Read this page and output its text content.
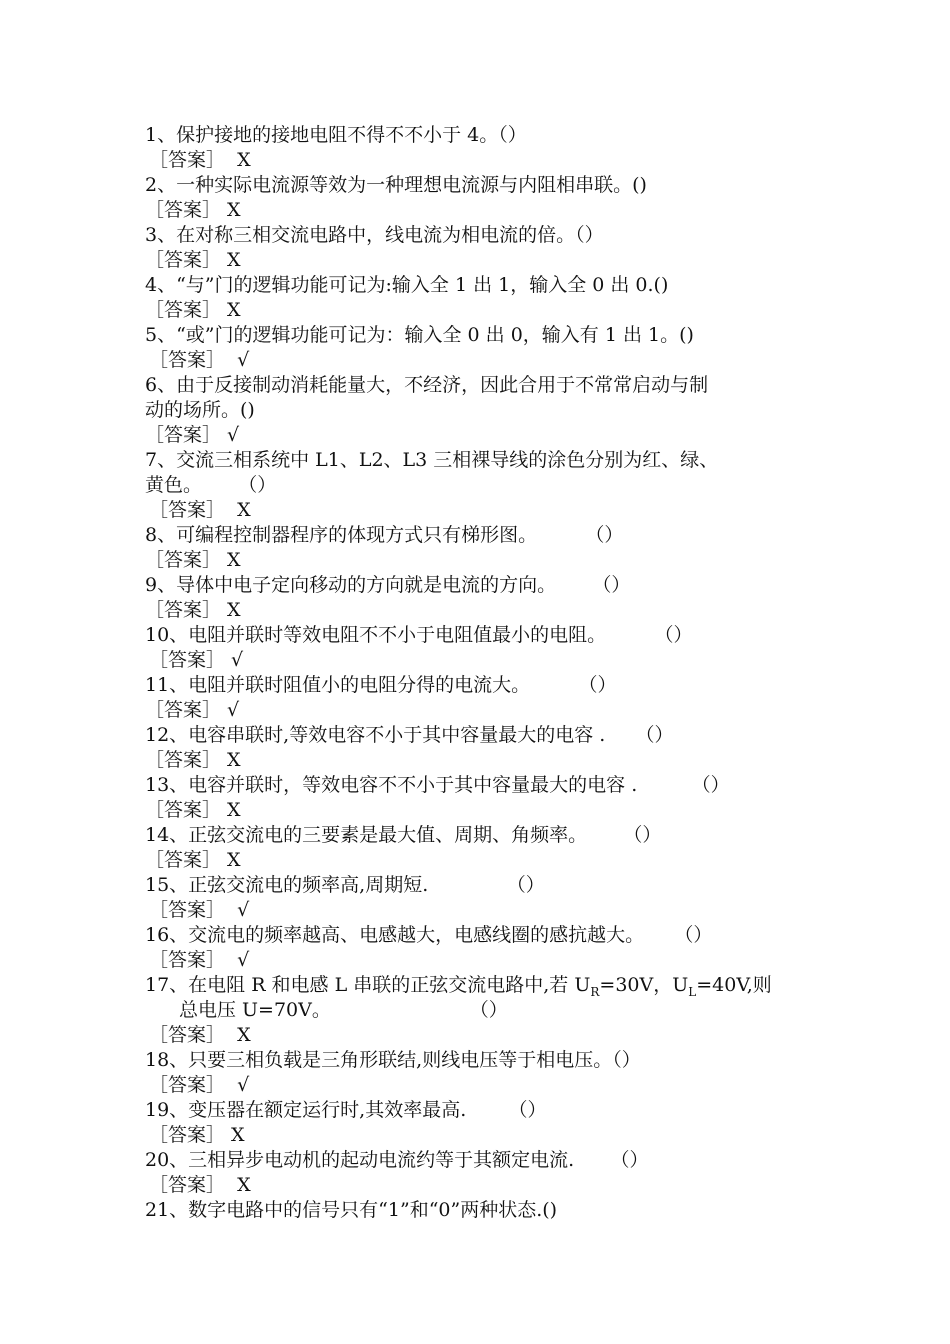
1、保护接地的接地电阻不得不不小于 4。（）
［答案］  X
2、一种实际电流源等效为一种理想电流源与内阻相串联。()
［答案］ X
3、在对称三相交流电路中，线电流为相电流的倍。（）
［答案］ X
4、“与”门的逻辑功能可记为:输入全 1 出 1，输入全 0 出 0.()
［答案］ X
5、“或”门的逻辑功能可记为：输入全 0 出 0，输入有 1 出 1。()
［答案］  √
6、由于反接制动消耗能量大，不经济，因此合用于不常常启动与制
动的场所。()
［答案］ √
7、交流三相系统中 L1、L2、L3 三相裸导线的涂色分别为红、绿、
黄色。      （）
［答案］  X
8、可编程控制器程序的体现方式只有梯形图。        （）
［答案］ X
9、导体中电子定向移动的方向就是电流的方向。      （）
［答案］ X
10、电阻并联时等效电阻不不小于电阻值最小的电阻。        （）
［答案］ √
11、电阻并联时阻值小的电阻分得的电流大。        （）
［答案］ √
12、电容串联时,等效电容不小于其中容量最大的电容 .     （）
［答案］ X
13、电容并联时，等效电容不不小于其中容量最大的电容 .         （）
［答案］ X
14、正弦交流电的三要素是最大值、周期、角频率。      （）
［答案］ X
15、正弦交流电的频率高,周期短.             （）
［答案］  √
16、交流电的频率越高、电感越大，电感线圈的感抗越大。     （）
［答案］  √
17、在电阻 R 和电感 L 串联的正弦交流电路中,若 $U_R=30V$，$U_L=40V$,则
总电压 U=70V。                       （）
［答案］  X
18、只要三相负载是三角形联结,则线电压等于相电压。（）
［答案］  √
19、变压器在额定运行时,其效率最高.       （）
［答案］ X
20、三相异步电动机的起动电流约等于其额定电流.      （）
［答案］  X
21、数字电路中的信号只有“1”和“0”两种状态.()
